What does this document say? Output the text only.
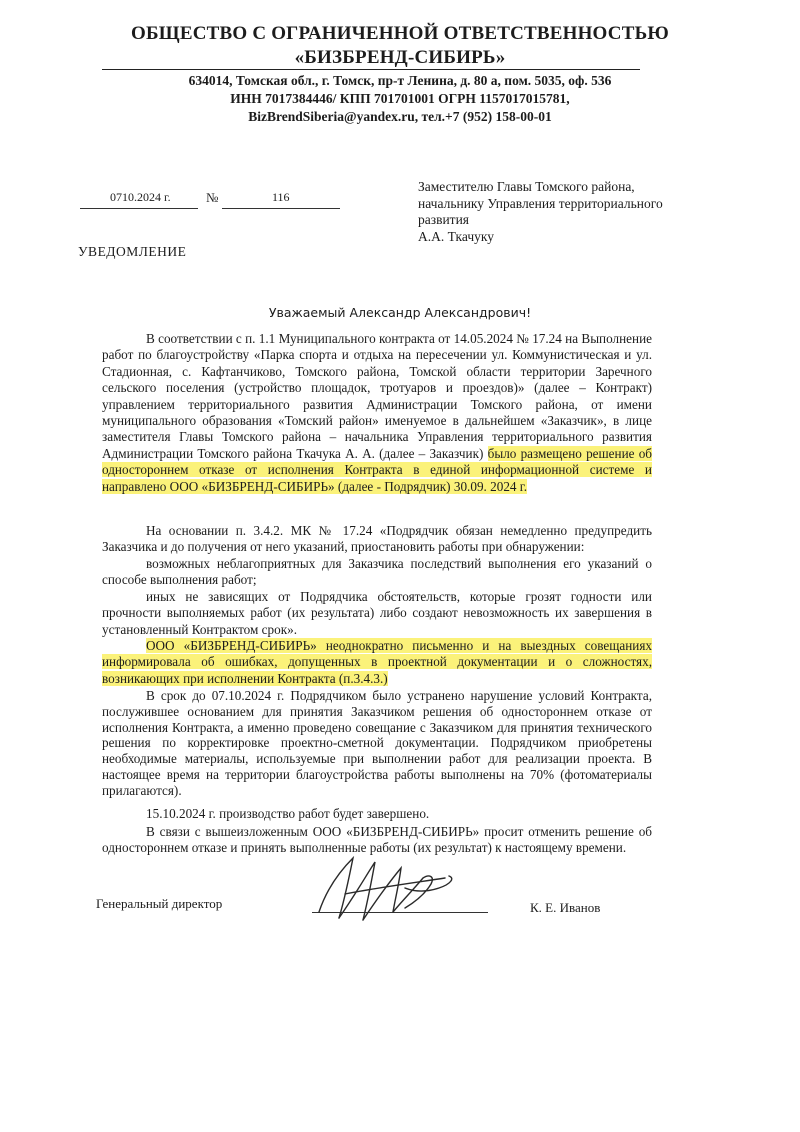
ОБЩЕСТВО С ОГРАНИЧЕННОЙ ОТВЕТСТВЕННОСТЬЮ
«БИЗБРЕНД-СИБИРЬ»
634014, Томская обл., г. Томск, пр-т Ленина, д. 80 а, пом. 5035, оф. 536
ИНН 7017384446/ КПП 701701001 ОГРН 1157017015781,
BizBrendSiberia@yandex.ru, тел.+7 (952) 158-00-01
0710.2024 г.	№	116
Заместителю Главы Томского района,
начальнику Управления территориального
развития
А.А. Ткачуку
УВЕДОМЛЕНИЕ
Уважаемый Александр Александрович!
В соответствии с п. 1.1 Муниципального контракта от 14.05.2024 № 17.24 на Выполнение работ по благоустройству «Парка спорта и отдыха на пересечении ул. Коммунистическая и ул. Стадионная, с. Кафтанчиково, Томского района, Томской области территории Заречного сельского поселения (устройство площадок, тротуаров и проездов)» (далее – Контракт) управлением территориального развития Администрации Томского района, от имени муниципального образования «Томский район» именуемое в дальнейшем «Заказчик», в лице заместителя Главы Томского района – начальника Управления территориального развития Администрации Томского района Ткачука А. А. (далее – Заказчик) было размещено решение об одностороннем отказе от исполнения Контракта в единой информационной системе и направлено ООО «БИЗБРЕНД-СИБИРЬ» (далее - Подрядчик) 30.09. 2024 г.
На основании п. 3.4.2. МК № 17.24 «Подрядчик обязан немедленно предупредить Заказчика и до получения от него указаний, приостановить работы при обнаружении:
возможных неблагоприятных для Заказчика последствий выполнения его указаний о способе выполнения работ;
иных не зависящих от Подрядчика обстоятельств, которые грозят годности или прочности выполняемых работ (их результата) либо создают невозможность их завершения в установленный Контрактом срок».
ООО «БИЗБРЕНД-СИБИРЬ» неоднократно письменно и на выездных совещаниях информировала об ошибках, допущенных в проектной документации и о сложностях, возникающих при исполнении Контракта (п.3.4.3.)
В срок до 07.10.2024 г. Подрядчиком было устранено нарушение условий Контракта, послужившее основанием для принятия Заказчиком решения об одностороннем отказе от исполнения Контракта, а именно проведено совещание с Заказчиком для принятия технического решения по корректировке проектно-сметной документации. Подрядчиком приобретены необходимые материалы, используемые при выполнении работ для реализации проекта. В настоящее время на территории благоустройства работы выполнены на 70% (фотоматериалы прилагаются).
15.10.2024 г. производство работ будет завершено.
В связи с вышеизложенным ООО «БИЗБРЕНД-СИБИРЬ» просит отменить решение об одностороннем отказе и принять выполненные работы (их результат) к настоящему времени.
Генеральный директор	К. Е. Иванов
